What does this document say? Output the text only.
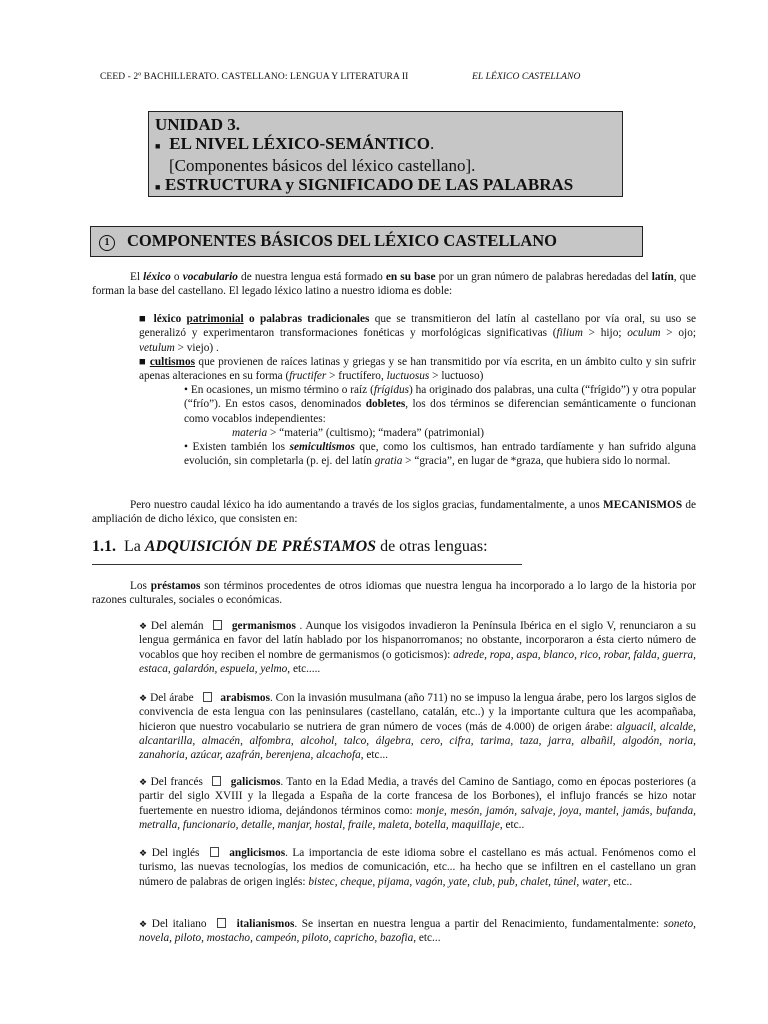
CEED - 2º BACHILLERATO. CASTELLANO: LENGUA Y LITERATURA II	EL LÉXICO CASTELLANO
UNIDAD 3.
■ EL NIVEL LÉXICO-SEMÁNTICO.
[Componentes básicos del léxico castellano].
■ ESTRUCTURA y SIGNIFICADO DE LAS PALABRAS
1 COMPONENTES BÁSICOS DEL LÉXICO CASTELLANO
El léxico o vocabulario de nuestra lengua está formado en su base por un gran número de palabras heredadas del latín, que forman la base del castellano. El legado léxico latino a nuestro idioma es doble:
■ léxico patrimonial o palabras tradicionales que se transmitieron del latín al castellano por vía oral, su uso se generalizó y experimentaron transformaciones fonéticas y morfológicas significativas (filium > hijo; oculum > ojo; vetulum > viejo) .
■ cultismos que provienen de raíces latinas y griegas y se han transmitido por vía escrita, en un ámbito culto y sin sufrir apenas alteraciones en su forma (fructifer > fructífero, luctuosus > luctuoso)
• En ocasiones, un mismo término o raíz (frígidus) ha originado dos palabras, una culta (“frígido”) y otra popular (“frío”). En estos casos, denominados dobletes, los dos términos se diferencian semánticamente o funcionan como vocablos independientes:
materia > “materia” (cultismo); “madera” (patrimonial)
• Existen también los semicultismos que, como los cultismos, han entrado tardíamente y han sufrido alguna evolución, sin completarla (p. ej. del latín gratia > “gracia”, en lugar de *graza, que hubiera sido lo normal.
Pero nuestro caudal léxico ha ido aumentando a través de los siglos gracias, fundamentalmente, a unos MECANISMOS de ampliación de dicho léxico, que consisten en:
1.1. La ADQUISICIÓN DE PRÉSTAMOS de otras lenguas:
Los préstamos son términos procedentes de otros idiomas que nuestra lengua ha incorporado a lo largo de la historia por razones culturales, sociales o económicas.
❖ Del alemán  germanismos . Aunque los visigodos invadieron la Península Ibérica en el siglo V, renunciaron a su lengua germánica en favor del latín hablado por los hispanorromanos; no obstante, incorporaron a ésta cierto número de vocablos que hoy reciben el nombre de germanismos (o goticismos): adrede, ropa, aspa, blanco, rico, robar, falda, guerra, estaca, galardón, espuela, yelmo, etc.....
❖ Del árabe  arabismos. Con la invasión musulmana (año 711) no se impuso la lengua árabe, pero los largos siglos de convivencia de esta lengua con las peninsulares (castellano, catalán, etc..) y la importante cultura que les acompañaba, hicieron que nuestro vocabulario se nutriera de gran número de voces (más de 4.000) de origen árabe: alguacil, alcalde, alcantarilla, almacén, alfombra, alcohol, talco, álgebra, cero, cifra, tarima, taza, jarra, albañil, algodón, noria, zanahoria, azúcar, azafrán, berenjena, alcachofa, etc...
❖ Del francés  galicismos. Tanto en la Edad Media, a través del Camino de Santiago, como en épocas posteriores (a partir del siglo XVIII y la llegada a España de la corte francesa de los Borbones), el influjo francés se hizo notar fuertemente en nuestro idioma, dejándonos términos como: monje, mesón, jamón, salvaje, joya, mantel, jamás, bufanda, metralla, funcionario, detalle, manjar, hostal, fraile, maleta, botella, maquillaje, etc..
❖ Del inglés  anglicismos. La importancia de este idioma sobre el castellano es más actual. Fenómenos como el turismo, las nuevas tecnologías, los medios de comunicación, etc... ha hecho que se infiltren en el castellano un gran número de palabras de origen inglés: bistec, cheque, pijama, vagón, yate, club, pub, chalet, túnel, water, etc..
❖ Del italiano  italianismos. Se insertan en nuestra lengua a partir del Renacimiento, fundamentalmente: soneto, novela, piloto, mostacho, campeón, piloto, capricho, bazofia, etc...
